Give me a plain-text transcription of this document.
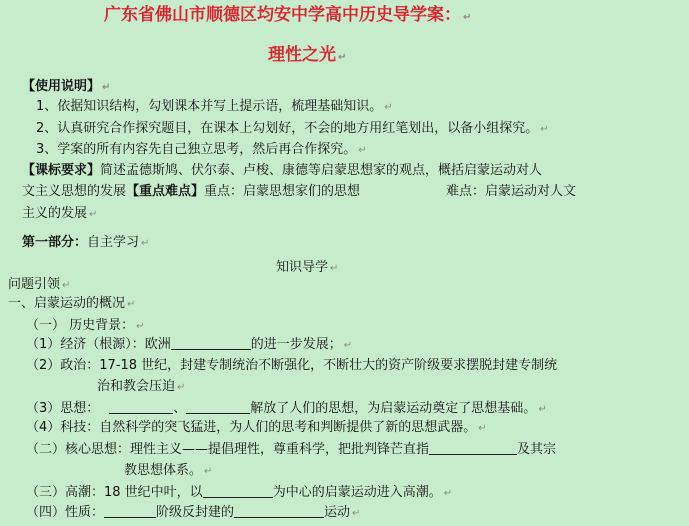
广东省佛山市顺德区均安中学高中历史导学案： ↵
理性之光 ↵
【使用说明】 ↵
1、依据知识结构，勾划课本并写上提示语，梳理基础知识。 ↵
2、认真研究合作探究题目，在课本上勾划好，不会的地方用红笔划出，以备小组探究。 ↵
3、学案的所有内容先自己独立思考，然后再合作探究。 ↵
【课标要求】简述孟德斯鸠、伏尔泰、卢梭、康德等启蒙思想家的观点，概括启蒙运动对人
文主义思想的发展【重点难点】重点：启蒙思想家们的思想	难点：启蒙运动对人文
主义的发展 ↵
第一部分：自主学习 ↵
知识导学 ↵
问题引领 ↵
一、启蒙运动的概况 ↵
（一） 历史背景： ↵
（1）经济（根源）：欧洲	的进一步发展； ↵
（2）政治：17-18 世纪，封建专制统治不断强化，不断壮大的资产阶级要求摆脱封建专制统
治和教会压迫 ↵
（3）思想：	、	解放了人们的思想，为启蒙运动奠定了思想基础。 ↵
（4）科技：自然科学的突飞猛进，为人们的思考和判断提供了新的思想武器。 ↵
（二）核心思想：理性主义——提倡理性，尊重科学，把批判锋芒直指	及其宗
教思想体系。 ↵
（三）高潮：18 世纪中叶，以	为中心的启蒙运动进入高潮。 ↵
（四）性质：	阶级反封建的	运动 ↵
